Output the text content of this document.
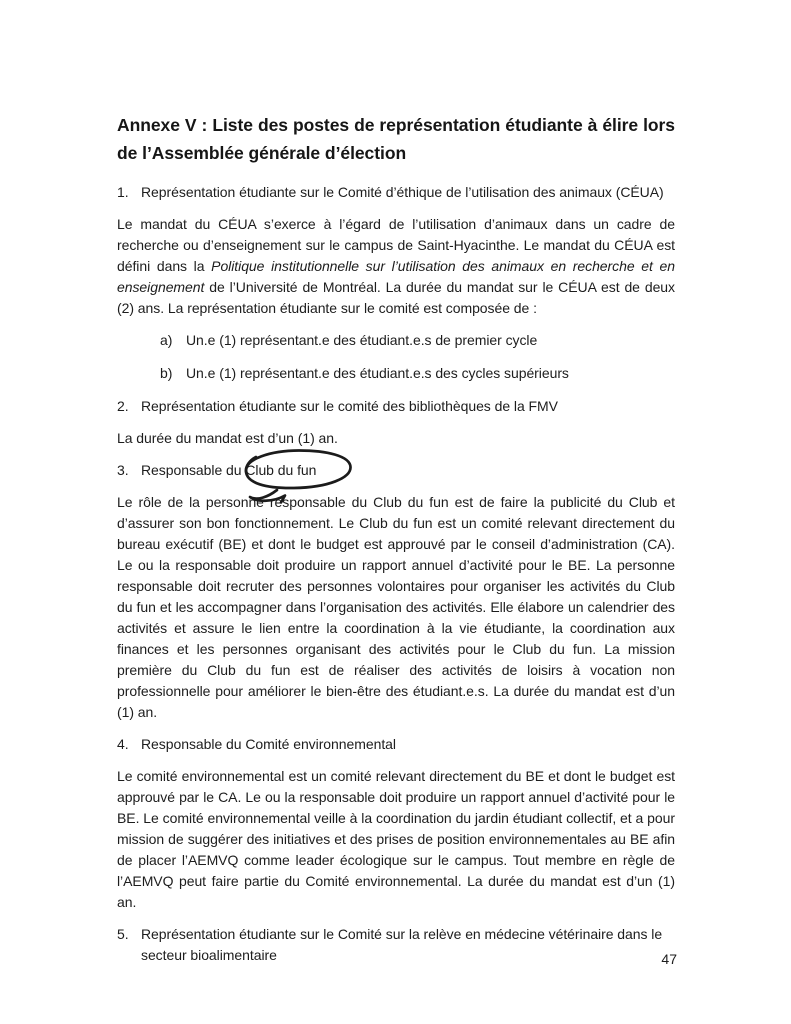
Annexe V : Liste des postes de représentation étudiante à élire lors de l’Assemblée générale d’élection
1. Représentation étudiante sur le Comité d’éthique de l’utilisation des animaux (CÉUA)

Le mandat du CÉUA s’exerce à l’égard de l’utilisation d’animaux dans un cadre de recherche ou d’enseignement sur le campus de Saint-Hyacinthe. Le mandat du CÉUA est défini dans la Politique institutionnelle sur l’utilisation des animaux en recherche et en enseignement de l’Université de Montréal. La durée du mandat sur le CÉUA est de deux (2) ans. La représentation étudiante sur le comité est composée de :

a) Un.e (1) représentant.e des étudiant.e.s de premier cycle
b) Un.e (1) représentant.e des étudiant.e.s des cycles supérieurs
2. Représentation étudiante sur le comité des bibliothèques de la FMV

La durée du mandat est d’un (1) an.

3. Responsable du Club du fun

Le rôle de la personne responsable du Club du fun est de faire la publicité du Club et d’assurer son bon fonctionnement. Le Club du fun est un comité relevant directement du bureau exécutif (BE) et dont le budget est approuvé par le conseil d’administration (CA). Le ou la responsable doit produire un rapport annuel d’activité pour le BE. La personne responsable doit recruter des personnes volontaires pour organiser les activités du Club du fun et les accompagner dans l’organisation des activités. Elle élabore un calendrier des activités et assure le lien entre la coordination à la vie étudiante, la coordination aux finances et les personnes organisant des activités pour le Club du fun. La mission première du Club du fun est de réaliser des activités de loisirs à vocation non professionnelle pour améliorer le bien-être des étudiant.e.s. La durée du mandat est d’un (1) an.

4. Responsable du Comité environnemental

Le comité environnemental est un comité relevant directement du BE et dont le budget est approuvé par le CA. Le ou la responsable doit produire un rapport annuel d’activité pour le BE. Le comité environnemental veille à la coordination du jardin étudiant collectif, et a pour mission de suggérer des initiatives et des prises de position environnementales au BE afin de placer l’AEMVQ comme leader écologique sur le campus. Tout membre en règle de l’AEMVQ peut faire partie du Comité environnemental. La durée du mandat est d’un (1) an.

5. Représentation étudiante sur le Comité sur la relève en médecine vétérinaire dans le secteur bioalimentaire	47
